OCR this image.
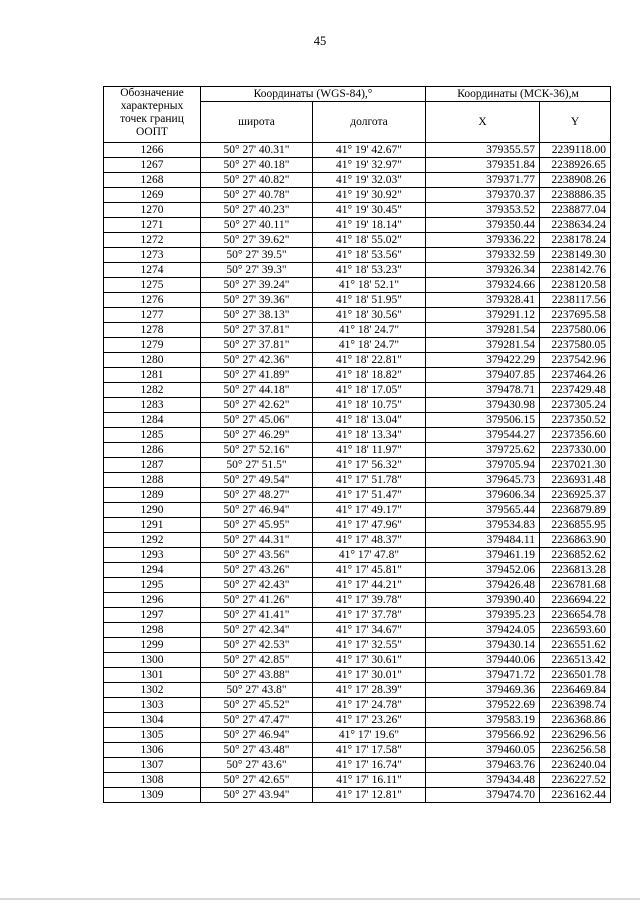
45
Обозначение характерных точек границ ООПТ	Координаты (WGS-84),°		Координаты (МСК-36),м	
	широта	долгота	X	Y
1266	50° 27' 40.31"	41° 19' 42.67"	379355.57	2239118.00
1267	50° 27' 40.18"	41° 19' 32.97"	379351.84	2238926.65
1268	50° 27' 40.82"	41° 19' 32.03"	379371.77	2238908.26
1269	50° 27' 40.78"	41° 19' 30.92"	379370.37	2238886.35
1270	50° 27' 40.23"	41° 19' 30.45"	379353.52	2238877.04
1271	50° 27' 40.11"	41° 19' 18.14"	379350.44	2238634.24
1272	50° 27' 39.62"	41° 18' 55.02"	379336.22	2238178.24
1273	50° 27' 39.5"	41° 18' 53.56"	379332.59	2238149.30
1274	50° 27' 39.3"	41° 18' 53.23"	379326.34	2238142.76
1275	50° 27' 39.24"	41° 18' 52.1"	379324.66	2238120.58
1276	50° 27' 39.36"	41° 18' 51.95"	379328.41	2238117.56
1277	50° 27' 38.13"	41° 18' 30.56"	379291.12	2237695.58
1278	50° 27' 37.81"	41° 18' 24.7"	379281.54	2237580.06
1279	50° 27' 37.81"	41° 18' 24.7"	379281.54	2237580.05
1280	50° 27' 42.36"	41° 18' 22.81"	379422.29	2237542.96
1281	50° 27' 41.89"	41° 18' 18.82"	379407.85	2237464.26
1282	50° 27' 44.18"	41° 18' 17.05"	379478.71	2237429.48
1283	50° 27' 42.62"	41° 18' 10.75"	379430.98	2237305.24
1284	50° 27' 45.06"	41° 18' 13.04"	379506.15	2237350.52
1285	50° 27' 46.29"	41° 18' 13.34"	379544.27	2237356.60
1286	50° 27' 52.16"	41° 18' 11.97"	379725.62	2237330.00
1287	50° 27' 51.5"	41° 17' 56.32"	379705.94	2237021.30
1288	50° 27' 49.54"	41° 17' 51.78"	379645.73	2236931.48
1289	50° 27' 48.27"	41° 17' 51.47"	379606.34	2236925.37
1290	50° 27' 46.94"	41° 17' 49.17"	379565.44	2236879.89
1291	50° 27' 45.95"	41° 17' 47.96"	379534.83	2236855.95
1292	50° 27' 44.31"	41° 17' 48.37"	379484.11	2236863.90
1293	50° 27' 43.56"	41° 17' 47.8"	379461.19	2236852.62
1294	50° 27' 43.26"	41° 17' 45.81"	379452.06	2236813.28
1295	50° 27' 42.43"	41° 17' 44.21"	379426.48	2236781.68
1296	50° 27' 41.26"	41° 17' 39.78"	379390.40	2236694.22
1297	50° 27' 41.41"	41° 17' 37.78"	379395.23	2236654.78
1298	50° 27' 42.34"	41° 17' 34.67"	379424.05	2236593.60
1299	50° 27' 42.53"	41° 17' 32.55"	379430.14	2236551.62
1300	50° 27' 42.85"	41° 17' 30.61"	379440.06	2236513.42
1301	50° 27' 43.88"	41° 17' 30.01"	379471.72	2236501.78
1302	50° 27' 43.8"	41° 17' 28.39"	379469.36	2236469.84
1303	50° 27' 45.52"	41° 17' 24.78"	379522.69	2236398.74
1304	50° 27' 47.47"	41° 17' 23.26"	379583.19	2236368.86
1305	50° 27' 46.94"	41° 17' 19.6"	379566.92	2236296.56
1306	50° 27' 43.48"	41° 17' 17.58"	379460.05	2236256.58
1307	50° 27' 43.6"	41° 17' 16.74"	379463.76	2236240.04
1308	50° 27' 42.65"	41° 17' 16.11"	379434.48	2236227.52
1309	50° 27' 43.94"	41° 17' 12.81"	379474.70	2236162.44
